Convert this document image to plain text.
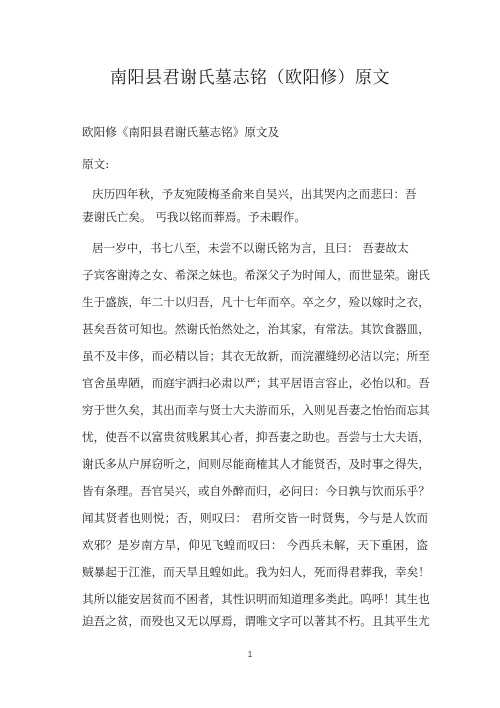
南阳县君谢氏墓志铭（欧阳修）原文
欧阳修《南阳县君谢氏墓志铭》原文及
原文:
庆历四年秋，予友宛陵梅圣俞来自吴兴，出其哭内之而悲曰：吾
妻谢氏亡矣。 丐我以铭而葬焉。予未暇作。
居一岁中，书七八至，未尝不以谢氏铭为言，且曰： 吾妻故太
子宾客谢涛之女、希深之妹也。希深父子为时闻人，而世显荣。谢氏
生于盛族，年二十以归吾，凡十七年而卒。卒之夕，殓以嫁时之衣，
甚矣吾贫可知也。然谢氏怡然处之，治其家，有常法。其饮食器皿，
虽不及丰侈，而必精以旨；其衣无故新，而浣濯缝纫必洁以完；所至
官舍虽卑陋，而庭宇洒扫必肃以严；其平居语言容止，必怡以和。吾
穷于世久矣，其出而幸与贤士大夫游而乐，入则见吾妻之怡怡而忘其
忧，使吾不以富贵贫贱累其心者，抑吾妻之助也。吾尝与士大夫语，
谢氏多从户屏窃听之，间则尽能商榷其人才能贤否，及时事之得失，
皆有条理。吾官吴兴，或自外醉而归，必问曰：今日孰与饮而乐乎？
闻其贤者也则悦；否，则叹曰： 君所交皆一时贤隽，今与是人饮而
欢邪？是岁南方旱，仰见飞蝗而叹曰： 今西兵未解，天下重困，盗
贼暴起于江淮，而天旱且蝗如此。我为妇人，死而得君葬我，幸矣！
其所以能安居贫而不困者，其性识明而知道理多类此。呜呼！其生也
迫吾之贫，而殁也又无以厚焉，谓唯文字可以著其不朽。且其平生尤
1
